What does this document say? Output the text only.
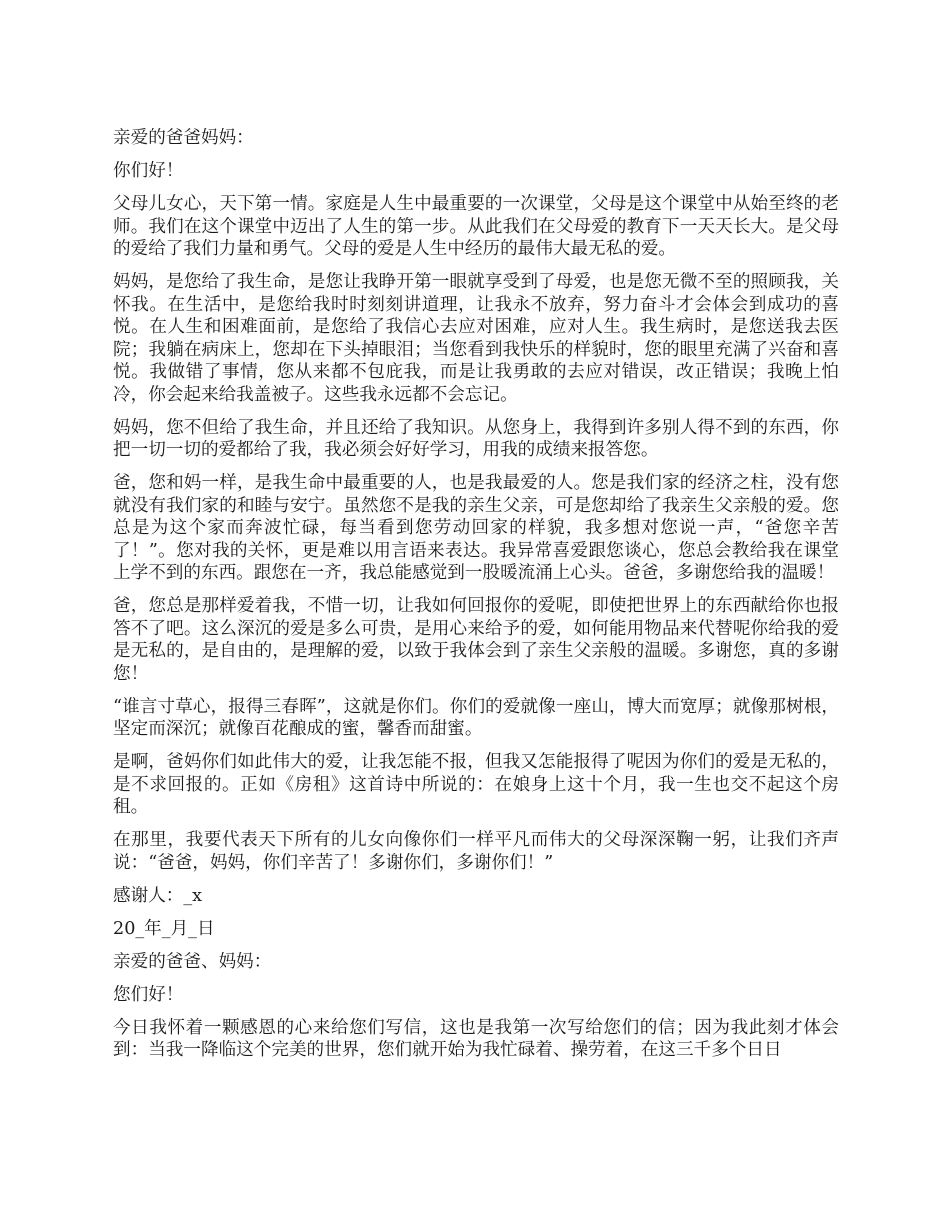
亲爱的爸爸妈妈：

你们好！

父母儿女心，天下第一情。家庭是人生中最重要的一次课堂，父母是这个课堂中从始至终的老师。我们在这个课堂中迈出了人生的第一步。从此我们在父母爱的教育下一天天长大。是父母的爱给了我们力量和勇气。父母的爱是人生中经历的最伟大最无私的爱。

妈妈，是您给了我生命，是您让我睁开第一眼就享受到了母爱，也是您无微不至的照顾我，关怀我。在生活中，是您给我时时刻刻讲道理，让我永不放弃，努力奋斗才会体会到成功的喜悦。在人生和困难面前，是您给了我信心去应对困难，应对人生。我生病时，是您送我去医院；我躺在病床上，您却在下头掉眼泪；当您看到我快乐的样貌时，您的眼里充满了兴奋和喜悦。我做错了事情，您从来都不包庇我，而是让我勇敢的去应对错误，改正错误；我晚上怕冷，你会起来给我盖被子。这些我永远都不会忘记。

妈妈，您不但给了我生命，并且还给了我知识。从您身上，我得到许多别人得不到的东西，你把一切一切的爱都给了我，我必须会好好学习，用我的成绩来报答您。

爸，您和妈一样，是我生命中最重要的人，也是我最爱的人。您是我们家的经济之柱，没有您就没有我们家的和睦与安宁。虽然您不是我的亲生父亲，可是您却给了我亲生父亲般的爱。您总是为这个家而奔波忙碌，每当看到您劳动回家的样貌，我多想对您说一声，“爸您辛苦了！”。您对我的关怀，更是难以用言语来表达。我异常喜爱跟您谈心，您总会教给我在课堂上学不到的东西。跟您在一齐，我总能感觉到一股暖流涌上心头。爸爸，多谢您给我的温暖！

爸，您总是那样爱着我，不惜一切，让我如何回报你的爱呢，即使把世界上的东西献给你也报答不了吧。这么深沉的爱是多么可贵，是用心来给予的爱，如何能用物品来代替呢你给我的爱是无私的，是自由的，是理解的爱，以致于我体会到了亲生父亲般的温暖。多谢您，真的多谢您！

“谁言寸草心，报得三春晖”，这就是你们。你们的爱就像一座山，博大而宽厚；就像那树根，坚定而深沉；就像百花酿成的蜜，馨香而甜蜜。

是啊，爸妈你们如此伟大的爱，让我怎能不报，但我又怎能报得了呢因为你们的爱是无私的，是不求回报的。正如《房租》这首诗中所说的：在娘身上这十个月，我一生也交不起这个房租。

在那里，我要代表天下所有的儿女向像你们一样平凡而伟大的父母深深鞠一躬，让我们齐声说：“爸爸，妈妈，你们辛苦了！多谢你们，多谢你们！”

感谢人：_x

20_年_月_日

亲爱的爸爸、妈妈：

您们好！

今日我怀着一颗感恩的心来给您们写信，这也是我第一次写给您们的信；因为我此刻才体会到：当我一降临这个完美的世界，您们就开始为我忙碌着、操劳着，在这三千多个日日
